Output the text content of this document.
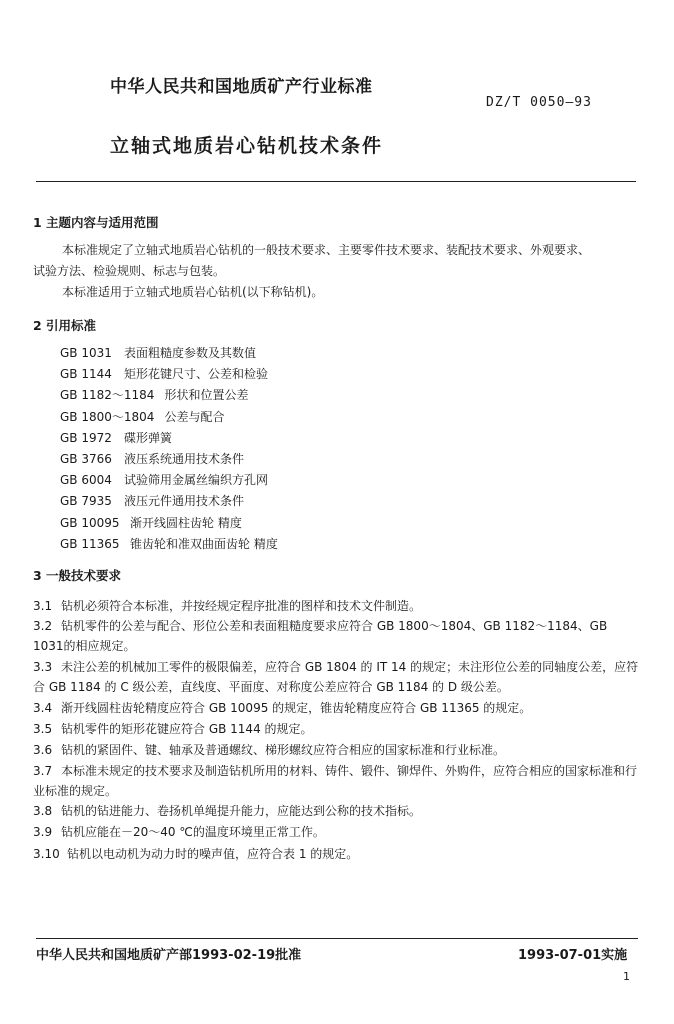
中华人民共和国地质矿产行业标准
DZ/T 0050—93
立轴式地质岩心钻机技术条件
1 主题内容与适用范围
本标准规定了立轴式地质岩心钻机的一般技术要求、主要零件技术要求、装配技术要求、外观要求、
试验方法、检验规则、标志与包装。
本标准适用于立轴式地质岩心钻机(以下称钻机)。
2 引用标准
GB 1031 表面粗糙度参数及其数值
GB 1144 矩形花键尺寸、公差和检验
GB 1182～1184 形状和位置公差
GB 1800～1804 公差与配合
GB 1972 碟形弹簧
GB 3766 液压系统通用技术条件
GB 6004 试验筛用金属丝编织方孔网
GB 7935 液压元件通用技术条件
GB 10095 渐开线圆柱齿轮 精度
GB 11365 锥齿轮和准双曲面齿轮 精度
3 一般技术要求
3.1 钻机必须符合本标准，并按经规定程序批准的图样和技术文件制造。
3.2 钻机零件的公差与配合、形位公差和表面粗糙度要求应符合 GB 1800～1804、GB 1182～1184、GB 1031的相应规定。
3.3 未注公差的机械加工零件的极限偏差，应符合 GB 1804 的 IT 14 的规定；未注形位公差的同轴度公差，应符合 GB 1184 的 C 级公差，直线度、平面度、对称度公差应符合 GB 1184 的 D 级公差。
3.4 渐开线圆柱齿轮精度应符合 GB 10095 的规定，锥齿轮精度应符合 GB 11365 的规定。
3.5 钻机零件的矩形花键应符合 GB 1144 的规定。
3.6 钻机的紧固件、键、轴承及普通螺纹、梯形螺纹应符合相应的国家标准和行业标准。
3.7 本标准未规定的技术要求及制造钻机所用的材料、铸件、锻件、铆焊件、外购件，应符合相应的国家标准和行业标准的规定。
3.8 钻机的钻进能力、卷扬机单绳提升能力，应能达到公称的技术指标。
3.9 钻机应能在－20～40 ℃的温度环境里正常工作。
3.10 钻机以电动机为动力时的噪声值，应符合表 1 的规定。
中华人民共和国地质矿产部1993-02-19批准	1993-07-01实施
1
